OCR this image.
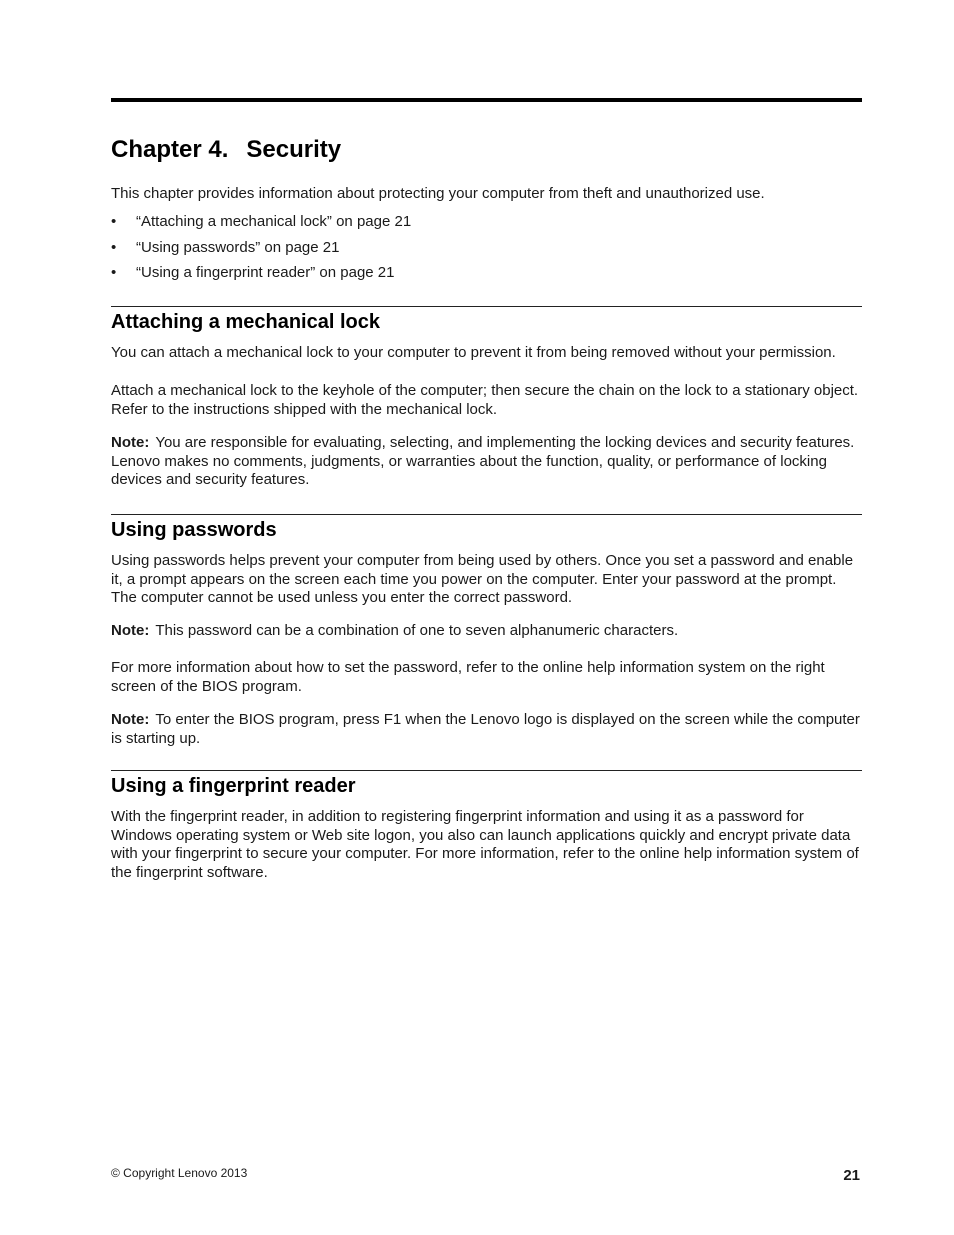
Chapter 4. Security

This chapter provides information about protecting your computer from theft and unauthorized use.

• “Attaching a mechanical lock” on page 21
• “Using passwords” on page 21
• “Using a fingerprint reader” on page 21
Attaching a mechanical lock

You can attach a mechanical lock to your computer to prevent it from being removed without your permission.

Attach a mechanical lock to the keyhole of the computer; then secure the chain on the lock to a stationary object. Refer to the instructions shipped with the mechanical lock.

Note: You are responsible for evaluating, selecting, and implementing the locking devices and security features. Lenovo makes no comments, judgments, or warranties about the function, quality, or performance of locking devices and security features.

Using passwords

Using passwords helps prevent your computer from being used by others. Once you set a password and enable it, a prompt appears on the screen each time you power on the computer. Enter your password at the prompt. The computer cannot be used unless you enter the correct password.

Note: This password can be a combination of one to seven alphanumeric characters.

For more information about how to set the password, refer to the online help information system on the right screen of the BIOS program.

Note: To enter the BIOS program, press F1 when the Lenovo logo is displayed on the screen while the computer is starting up.

Using a fingerprint reader

With the fingerprint reader, in addition to registering fingerprint information and using it as a password for Windows operating system or Web site logon, you also can launch applications quickly and encrypt private data with your fingerprint to secure your computer. For more information, refer to the online help information system of the fingerprint software.

© Copyright Lenovo 2013	21
